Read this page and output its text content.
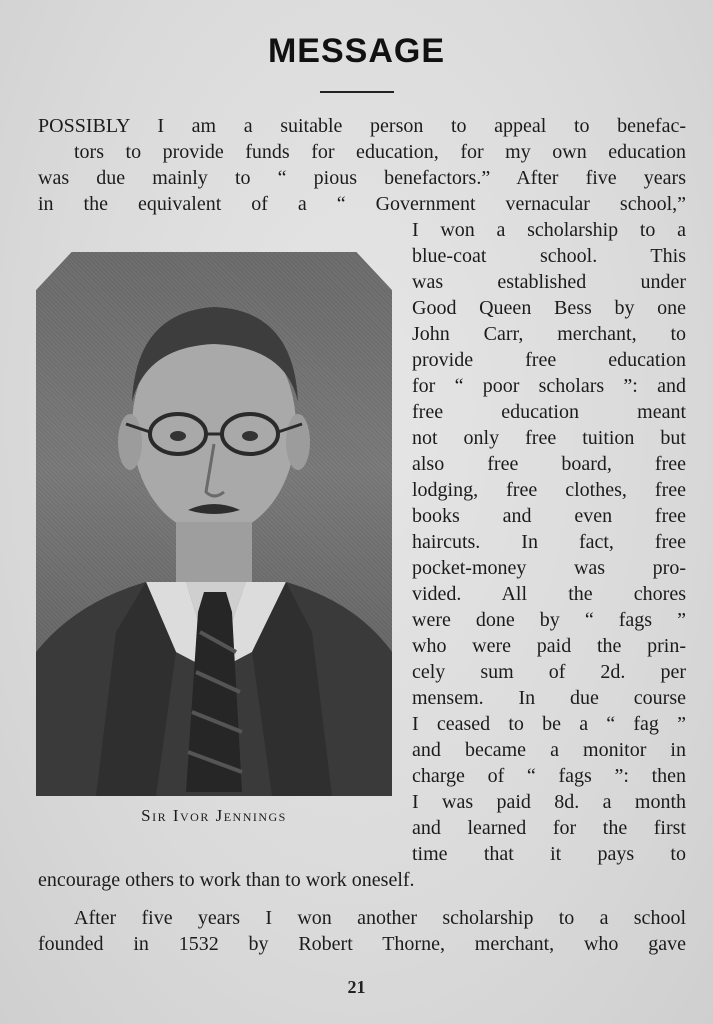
MESSAGE
POSSIBLY I am a suitable person to appeal to benefac-
tors to provide funds for education, for my own education
was due mainly to “ pious benefactors.” After five years
in the equivalent of a “ Government vernacular school,”
Sir Ivor Jennings
I won a scholarship to a
blue-coat school. This
was established under
Good Queen Bess by one
John Carr, merchant, to
provide free education
for “ poor scholars ”: and
free education meant
not only free tuition but
also free board, free
lodging, free clothes, free
books and even free
haircuts. In fact, free
pocket-money was pro-
vided. All the chores
were done by “ fags ”
who were paid the prin-
cely sum of 2d. per
mensem. In due course
I ceased to be a “ fag ”
and became a monitor in
charge of “ fags ”: then
I was paid 8d. a month
and learned for the first
time that it pays to
encourage others to work than to work oneself.
After five years I won another scholarship to a school
founded in 1532 by Robert Thorne, merchant, who gave
21
